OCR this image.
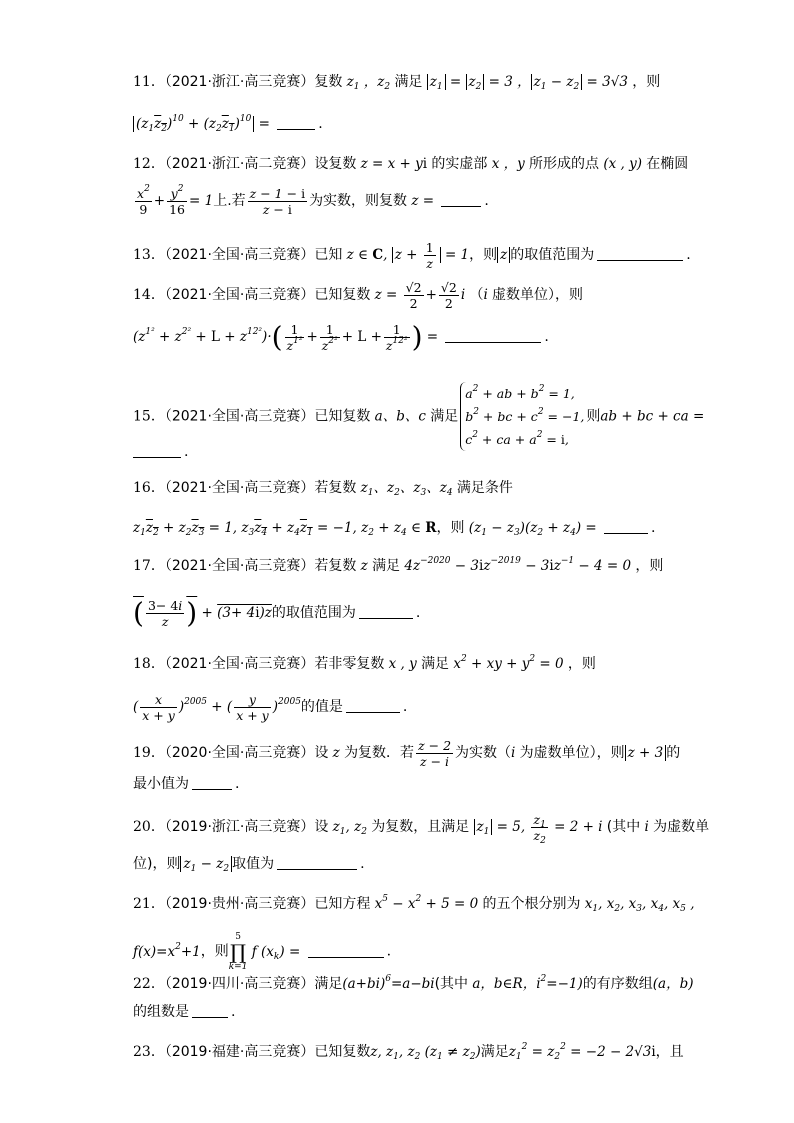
11．（2021·浙江·高三竞赛）复数 $z_1$ ，$z_2$ 满足 $z_1 = z_2 = 3$ ， $z_1 - z_2 = 3√3$ ，则
$(z_1z_2)^{10} + (z_2z_1)^{10}$ =	.
12．（2021·浙江·高二竞赛）设复数 z = x + yi 的实虚部 x ，y 所形成的点 (x , y) 在椭圆
$\frac{x^2}{9} + \frac{y^2}{16} = 1$上.若 $\frac{z - 1 - i}{z - i}$ 为实数，则复数 z =	.
13．（2021·全国·高三竞赛）已知 z ∈ C, $z + \frac{1}{z} = 1$，则 z 的取值范围为	.
14．（2021·全国·高三竞赛）已知复数 $z = \frac{√2}{2} + \frac{√2}{2}$ i （i 虚数单位），则
$(z^{1^2} + z^{2^2} + L + z^{12^2})\cdot( \frac{1}{z^{1^2}} + \frac{1}{z^{2^2}} + L + \frac{1}{z^{12^2}}$ ) =	.
15．（2021·全国·高三竞赛）已知复数 a、b、c 满足$a^2$ + ab + $b^2 = 1$,
$b^2$ + bc + $c^2 = -1$,
$c^2$ + ca + $a^2 = i$,则ab + bc + ca =
.
16．（2021·全国·高三竞赛）若复数 $z_1$、$z_2$、$z_3$、$z_4$ 满足条件
$z_1z_2 + z_2z_3 = 1$, $z_3z_4 + z_4z_1 = -1$, $z_2 + z_4$ ∈ R，则 $(z_1 - z_3)(z_2 + z_4)$ =	.
17．（2021·全国·高三竞赛）若复数 z 满足 $4z^{-2020} - 3iz^{-2019} - 3iz^{-1} - 4 = 0$ ，则
( $\frac{3- 4i}{z}$ ) + (3+ 4i)z的取值范围为	.
18．（2021·全国·高三竞赛）若非零复数 x , y 满足 $x^2$ + xy + $y^2 = 0$ ，则
( $\frac{x}{x + y} )^{2005}$ + ( $\frac{y}{x + y} )^{2005}$的值是	.
19．（2020·全国·高三竞赛）设 z 为复数．若 $\frac{z - 2}{z - i}$ 为实数（i 为虚数单位），则 z + 3 的
最小值为	.
20．（2019·浙江·高三竞赛）设 $z_1$, $z_2$ 为复数，且满足 $z_1 = 5$, $\frac{z_1}{z_2} = 2 + i$ (其中 i 为虚数单
位)，则 $z_1 - z_2$ 取值为	.
21．（2019·贵州·高三竞赛）已知方程 $x^5 - x^2 + 5 = 0$ 的五个根分别为 $x_1$, $x_2$, $x_3$, $x_4$, $x_5$ ,
$f(x)=x^2+1$，则5
∏
k=1 f $(x_k)$ =	.
22．（2019·四川·高三竞赛）满足$(a+bi)^6=a-bi$(其中 a，b∈R，$i^2=-1$)的有序数组(a，b)
的组数是	.
23．（2019·福建·高三竞赛）已知复数z, $z_1$, $z_2$ $(z_1 \ne z_2)$满足$z_1^2 = z_2^2 = -2 - 2√3i$，且
